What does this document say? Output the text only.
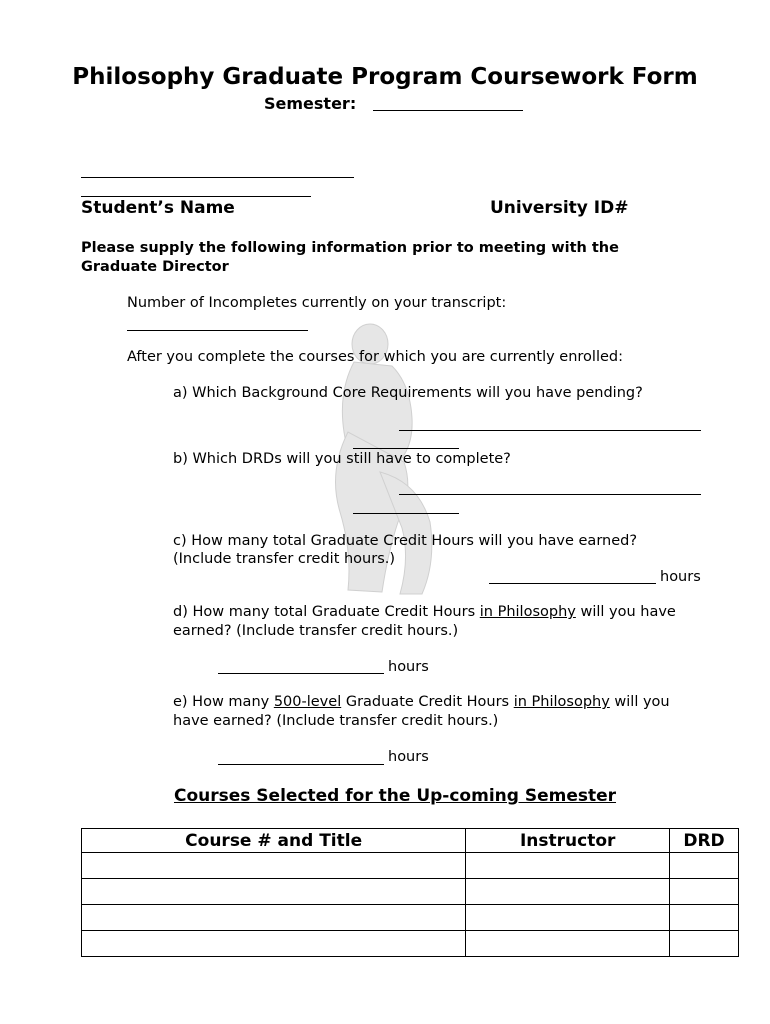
Philosophy Graduate Program Coursework Form
Semester:
Student’s Name	University ID#
Please supply the following information prior to meeting with the Graduate Director
Number of Incompletes currently on your transcript:
After you complete the courses for which you are currently enrolled:
a) Which Background Core Requirements will you have pending?
b) Which DRDs will you still have to complete?
c) How many total Graduate Credit Hours will you have earned?
(Include transfer credit hours.)
hours
d) How many total Graduate Credit Hours in Philosophy will you have
earned? (Include transfer credit hours.)
hours
e) How many 500-level Graduate Credit Hours in Philosophy will you
have earned? (Include transfer credit hours.)
hours
Courses Selected for the Up-coming Semester
Course # and Title	Instructor	DRD
